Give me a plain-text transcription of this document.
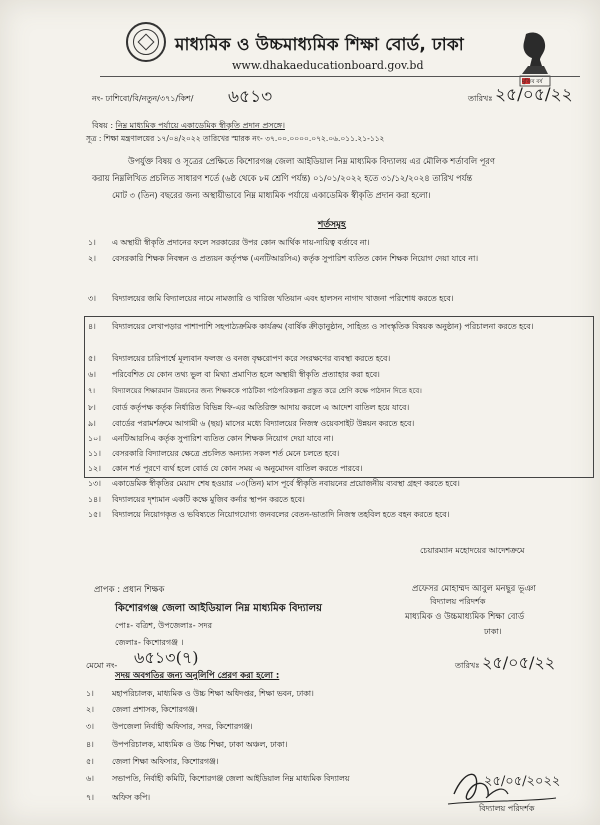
মাধ্যমিক ও উচ্চমাধ্যমিক শিক্ষা বোর্ড, ঢাকা
www.dhakaeducationboard.gov.bd
মুজিব বর্ষ
নং- ঢাশিবো/বি/নতুন/৩৭১/কিশ/ ৬৫১৩	তারিখঃ ২৫/০৫/২২
বিষয় : নিম্ন মাধ্যমিক পর্যায়ে একাডেমিক স্বীকৃতি প্রদান প্রসঙ্গে।
সূত্র : শিক্ষা মন্ত্রণালয়ের ১৭/০৪/২০২২ তারিখের স্মারক নং- ৩৭.০০.০০০০.০৭২.০৬.০১১.২১-১১২
উপর্যুক্ত বিষয় ও সূত্রের প্রেক্ষিতে কিশোরগঞ্জ জেলা আইডিয়াল নিম্ন মাধ্যমিক বিদ্যালয় এর মৌলিক শর্তাবলি পূরণ
করায় নিম্নলিখিত প্রচলিত সাধারণ শর্তে (৬ষ্ঠ থেকে ৮ম শ্রেণি পর্যন্ত) ০১/০১/২০২২ হতে ৩১/১২/২০২৪ তারিখ পর্যন্ত
মোট ৩ (তিন) বছরের জন্য অস্থায়ীভাবে নিম্ন মাধ্যমিক পর্যায়ে একাডেমিক স্বীকৃতি প্রদান করা হলো।
শর্তসমূহ
১।	এ অস্থায়ী স্বীকৃতি প্রদানের ফলে সরকারের উপর কোন আর্থিক দায়-দায়িত্ব বর্তাবে না।
২।	বেসরকারি শিক্ষক নিবন্ধন ও প্রত্যয়ন কর্তৃপক্ষ (এনটিআরসিএ) কর্তৃক সুপারিশ ব্যতিত কোন শিক্ষক নিয়োগ দেয়া যাবে না।
৩।	বিদ্যালয়ের জমি বিদ্যালয়ের নামে নামজারি ও খারিজ খতিয়ান এবং হালসন নাগাদ খাজনা পরিশোধ করতে হবে।
৪।	বিদ্যালয়ের লেখাপড়ার পাশাপাশি সহপাঠ্যক্রমিক কার্যক্রম (বার্ষিক ক্রীড়ানুষ্ঠান, সাহিত্য ও সাংস্কৃতিক বিষয়ক অনুষ্ঠান) পরিচালনা করতে হবে।
৫।	বিদ্যালয়ের চারিপার্শ্বে মূল্যবান ফলজ ও বনজ বৃক্ষরোপণ করে সংরক্ষণের ব্যবস্থা করতে হবে।
৬।	পরিবেশিত যে কোন তথ্য ভুল বা মিথ্যা প্রমাণিত হলে অস্থায়ী স্বীকৃতি প্রত্যাহার করা হবে।
৭।	বিদ্যালয়ের শিক্ষারমান উন্নয়নের জন্য শিক্ষককে পাঠটিকা পাঠপরিকল্পনা প্রস্তুত করে শ্রেণি কক্ষে পাঠদান দিতে হবে।
৮।	বোর্ড কর্তৃপক্ষ কর্তৃক নির্ধারিত বিভিন্ন ফি-এর অতিরিক্ত আদায় করলে এ আদেশ বাতিল হয়ে যাবে।
৯।	বোর্ডের পরামর্শক্রমে আগামী ৬ (ছয়) মাসের মধ্যে বিদ্যালয়ের নিজস্ব ওয়েবসাইট উন্নয়ন করতে হবে।
১০।	এনটিআরসিএ কর্তৃক সুপারিশ ব্যতিত কোন শিক্ষক নিয়োগ দেয়া যাবে না।
১১।	বেসরকারি বিদ্যালয়ের ক্ষেত্রে প্রচলিত অন্যান্য সকল শর্ত মেনে চলতে হবে।
১২।	কোন শর্ত পূরণে ব্যর্থ হলে বোর্ড যে কোন সময় এ অনুমোদন বাতিল করতে পারবে।
১৩।	একাডেমিক স্বীকৃতির মেয়াদ শেষ হওয়ার ০৩(তিন) মাস পূর্বে স্বীকৃতি নবায়নের প্রয়োজনীয় ব্যবস্থা গ্রহণ করতে হবে।
১৪।	বিদ্যালয়ের দৃশ্যমান একটি কক্ষে মুজিব কর্নার স্থাপন করতে হবে।
১৫।	বিদ্যালয়ে নিয়োগকৃত ও ভবিষ্যতে নিয়োগযোগ্য জনবলের বেতন-ভাতাদি নিজস্ব তহবিল হতে বহন করতে হবে।
চেয়ারম্যান মহোদয়ের আদেশক্রমে
প্রাপক : প্রধান শিক্ষক
কিশোরগঞ্জ জেলা আইডিয়াল নিম্ন মাধ্যমিক বিদ্যালয়
পোঃ- বত্রিশ, উপজেলাঃ- সদর
জেলাঃ- কিশোরগঞ্জ ।
প্রফেসর মোহাম্মদ আবুল মনছুর ভূঞা
বিদ্যালয় পরিদর্শক
মাধ্যমিক ও উচ্চমাধ্যমিক শিক্ষা বোর্ড
ঢাকা।
মেমো নং- ৬৫১৩(৭)	তারিখঃ ২৫/০৫/২২
সদয় অবগতির জন্য অনুলিপি প্রেরণ করা হলো :
১। মহাপরিচালক, মাধ্যমিক ও উচ্চ শিক্ষা অধিদপ্তর, শিক্ষা ভবন, ঢাকা।
২। জেলা প্রশাসক, কিশোরগঞ্জ।
৩। উপজেলা নির্বাহী অফিসার, সদর, কিশোরগঞ্জ।
৪। উপপরিচালক, মাধ্যমিক ও উচ্চ শিক্ষা, ঢাকা অঞ্চল, ঢাকা।
৫। জেলা শিক্ষা অফিসার, কিশোরগঞ্জ।
৬। সভাপতি, নির্বাহী কমিটি, কিশোরগঞ্জ জেলা আইডিয়াল নিম্ন মাধ্যমিক বিদ্যালয়
৭। অফিস কপি।
২৫/০৫/২০২২
বিদ্যালয় পরিদর্শক
